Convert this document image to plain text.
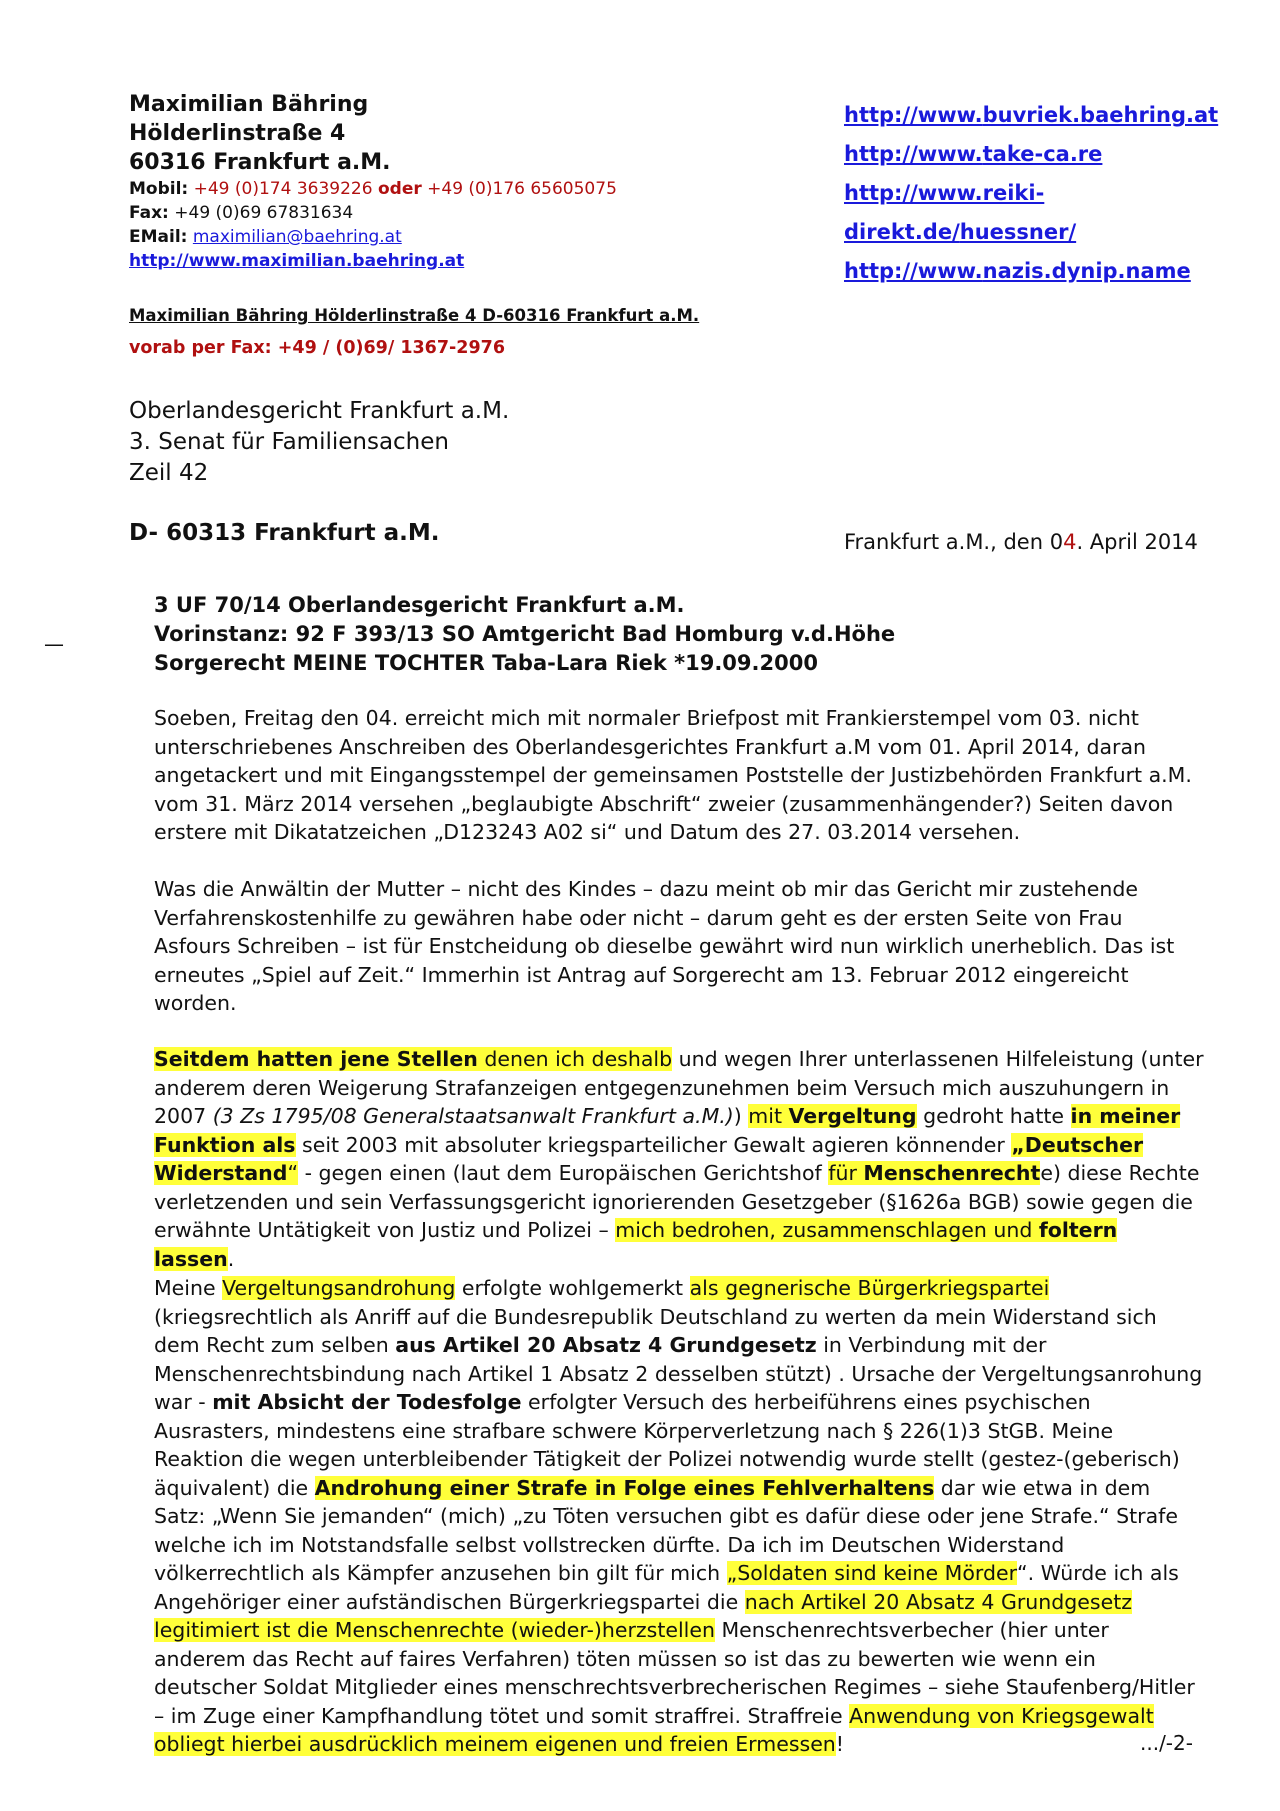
Maximilian Bähring
Hölderlinstraße 4
60316 Frankfurt a.M.
Mobil: +49 (0)174 3639226 oder +49 (0)176 65605075
Fax: +49 (0)69 67831634
EMail: maximilian@baehring.at
http://www.maximilian.baehring.at
http://www.buvriek.baehring.at
http://www.take-ca.re
http://www.reiki-direkt.de/huessner/
http://www.nazis.dynip.name
Maximilian Bähring Hölderlinstraße 4 D-60316 Frankfurt a.M.
vorab per Fax: +49 / (0)69/ 1367-2976
Oberlandesgericht Frankfurt a.M.
3. Senat für Familiensachen
Zeil 42
D- 60313 Frankfurt a.M.	Frankfurt a.M., den 04. April 2014
—
3 UF 70/14 Oberlandesgericht Frankfurt a.M.
Vorinstanz: 92 F 393/13 SO Amtgericht Bad Homburg v.d.Höhe
Sorgerecht MEINE TOCHTER Taba-Lara Riek *19.09.2000

Soeben, Freitag den 04. erreicht mich mit normaler Briefpost mit Frankierstempel vom 03. nicht unterschriebenes Anschreiben des Oberlandesgerichtes Frankfurt a.M vom 01. April 2014, daran angetackert und mit Eingangsstempel der gemeinsamen Poststelle der Justizbehörden Frankfurt a.M. vom 31. März 2014 versehen „beglaubigte Abschrift“ zweier (zusammenhängender?) Seiten davon erstere mit Dikatatzeichen „D123243 A02 si“ und Datum des 27. 03.2014 versehen.

Was die Anwältin der Mutter – nicht des Kindes – dazu meint ob mir das Gericht mir zustehende Verfahrenskostenhilfe zu gewähren habe oder nicht – darum geht es der ersten Seite von Frau Asfours Schreiben – ist für Enstcheidung ob dieselbe gewährt wird nun wirklich unerheblich. Das ist erneutes „Spiel auf Zeit.“ Immerhin ist Antrag auf Sorgerecht am 13. Februar 2012 eingereicht worden.

Seitdem hatten jene Stellen denen ich deshalb und wegen Ihrer unterlassenen Hilfeleistung (unter anderem deren Weigerung Strafanzeigen entgegenzunehmen beim Versuch mich auszuhungern in 2007 (3 Zs 1795/08 Generalstaatsanwalt Frankfurt a.M.)) mit Vergeltung gedroht hatte in meiner Funktion als seit 2003 mit absoluter kriegsparteilicher Gewalt agieren könnender „Deutscher Widerstand“ - gegen einen (laut dem Europäischen Gerichtshof für Menschenrechte) diese Rechte verletzenden und sein Verfassungsgericht ignorierenden Gesetzgeber (§1626a BGB) sowie gegen die erwähnte Untätigkeit von Justiz und Polizei – mich bedrohen, zusammenschlagen und foltern lassen.

Meine Vergeltungsandrohung erfolgte wohlgemerkt als gegnerische Bürgerkriegspartei (kriegsrechtlich als Anriff auf die Bundesrepublik Deutschland zu werten da mein Widerstand sich dem Recht zum selben aus Artikel 20 Absatz 4 Grundgesetz in Verbindung mit der Menschenrechtsbindung nach Artikel 1 Absatz 2 desselben stützt) . Ursache der Vergeltungsanrohung war - mit Absicht der Todesfolge erfolgter Versuch des herbeiführens eines psychischen Ausrasters, mindestens eine strafbare schwere Körperverletzung nach § 226(1)3 StGB. Meine Reaktion die wegen unterbleibender Tätigkeit der Polizei notwendig wurde stellt (gestez-(geberisch) äquivalent) die Androhung einer Strafe in Folge eines Fehlverhaltens dar wie etwa in dem Satz: „Wenn Sie jemanden“ (mich) „zu Töten versuchen gibt es dafür diese oder jene Strafe.“ Strafe welche ich im Notstandsfalle selbst vollstrecken dürfte. Da ich im Deutschen Widerstand völkerrechtlich als Kämpfer anzusehen bin gilt für mich „Soldaten sind keine Mörder“. Würde ich als Angehöriger einer aufständischen Bürgerkriegspartei die nach Artikel 20 Absatz 4 Grundgesetz legitimiert ist die Menschenrechte (wieder-)herzstellen Menschenrechtsverbecher (hier unter anderem das Recht auf faires Verfahren) töten müssen so ist das zu bewerten wie wenn ein deutscher Soldat Mitglieder eines menschrechtsverbrecherischen Regimes – siehe Staufenberg/Hitler – im Zuge einer Kampfhandlung tötet und somit straffrei. Straffreie Anwendung von Kriegsgewalt obliegt hierbei ausdrücklich meinem eigenen und freien Ermessen!	.../-2-
